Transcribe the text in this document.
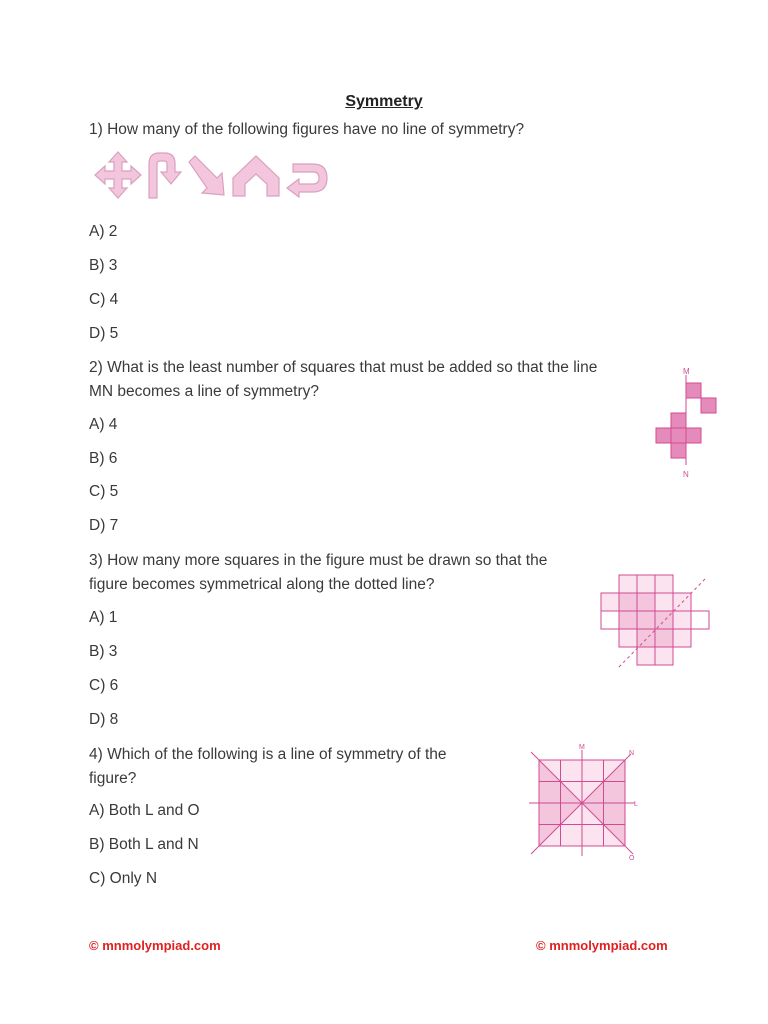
Symmetry
1) How many of the following figures have no line of symmetry?
A) 2
B) 3
C) 4
D) 5
2) What is the least number of squares that must be added so that the line
MN becomes a line of symmetry?
M
N
A) 4
B) 6
C) 5
D) 7
3) How many more squares in the figure must be drawn so that the
figure becomes symmetrical along the dotted line?
A) 1
B) 3
C) 6
D) 8
4) Which of the following is a line of symmetry of the
figure?
M
N
L
O
A) Both L and O
B) Both L and N
C) Only N
© mnmolympiad.com	© mnmolympiad.com
